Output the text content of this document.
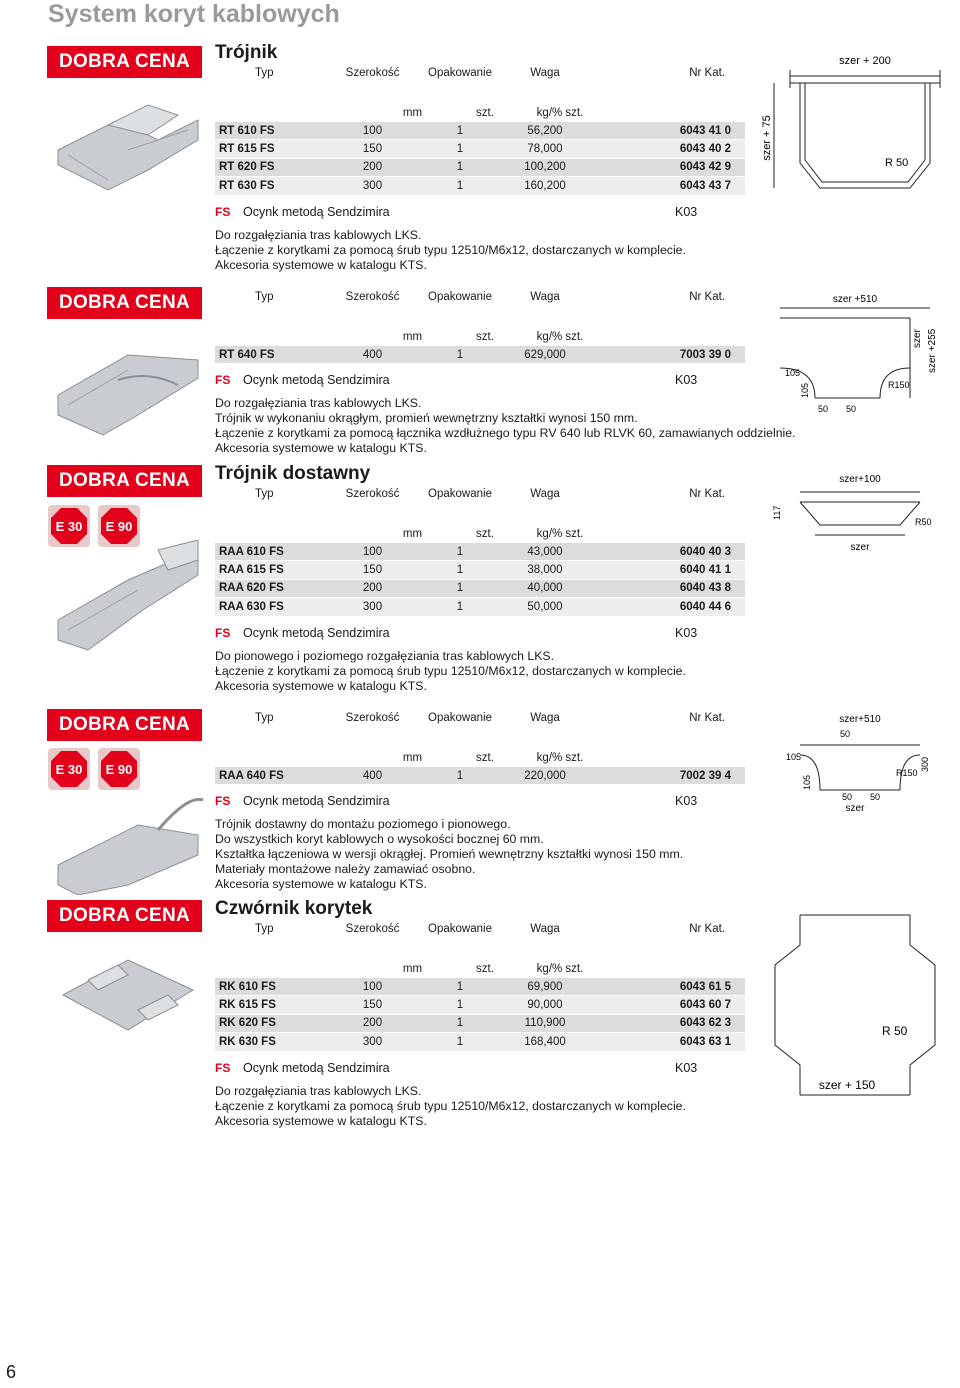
System koryt kablowych
DOBRA CENA
DOBRA CENA
DOBRA CENA
DOBRA CENA
DOBRA CENA
E 30 E 90
E 30 E 90
Trójnik
Typ	Szerokość	Opakowanie	Waga	Nr Kat.
mm	szt.	kg/% szt.
RT 610 FS	100	1	56,200	6043 41 0
RT 615 FS	150	1	78,000	6043 40 2
RT 620 FS	200	1	100,200	6043 42 9
RT 630 FS	300	1	160,200	6043 43 7
FS	Ocynk metodą Sendzimira	K03
Do rozgałęziania tras kablowych LKS.
Łączenie z korytkami za pomocą śrub typu 12510/M6x12, dostarczanych w komplecie.
Akcesoria systemowe w katalogu KTS.
Typ	Szerokość	Opakowanie	Waga	Nr Kat.
mm	szt.	kg/% szt.
RT 640 FS	400	1	629,000	7003 39 0
FS	Ocynk metodą Sendzimira	K03
Do rozgałęziania tras kablowych LKS.
Trójnik w wykonaniu okrągłym, promień wewnętrzny kształtki wynosi 150 mm.
Łączenie z korytkami za pomocą łącznika wzdłużnego typu RV 640 lub RLVK 60, zamawianych oddzielnie.
Akcesoria systemowe w katalogu KTS.
Trójnik dostawny
Typ	Szerokość	Opakowanie	Waga	Nr Kat.
mm	szt.	kg/% szt.
RAA 610 FS	100	1	43,000	6040 40 3
RAA 615 FS	150	1	38,000	6040 41 1
RAA 620 FS	200	1	40,000	6040 43 8
RAA 630 FS	300	1	50,000	6040 44 6
FS	Ocynk metodą Sendzimira	K03
Do pionowego i poziomego rozgałęziania tras kablowych LKS.
Łączenie z korytkami za pomocą śrub typu 12510/M6x12, dostarczanych w komplecie.
Akcesoria systemowe w katalogu KTS.
Typ	Szerokość	Opakowanie	Waga	Nr Kat.
mm	szt.	kg/% szt.
RAA 640 FS	400	1	220,000	7002 39 4
FS	Ocynk metodą Sendzimira	K03
Trójnik dostawny do montażu poziomego i pionowego.
Do wszystkich koryt kablowych o wysokości bocznej 60 mm.
Kształtka łączeniowa w wersji okrągłej. Promień wewnętrzny kształtki wynosi 150 mm.
Materiały montażowe należy zamawiać osobno.
Akcesoria systemowe w katalogu KTS.
Czwórnik korytek
Typ	Szerokość	Opakowanie	Waga	Nr Kat.
mm	szt.	kg/% szt.
RK 610 FS	100	1	69,900	6043 61 5
RK 615 FS	150	1	90,000	6043 60 7
RK 620 FS	200	1	110,900	6043 62 3
RK 630 FS	300	1	168,400	6043 63 1
FS	Ocynk metodą Sendzimira	K03
Do rozgałęziania tras kablowych LKS.
Łączenie z korytkami za pomocą śrub typu 12510/M6x12, dostarczanych w komplecie.
Akcesoria systemowe w katalogu KTS.
szer + 200
szer + 75
R 50
szer +510
szer szer +255
105
105
50 50
R150
szer+100
117
szer
R50
szer+510
50
105
105
R150
300
50 50
szer
R 50
szer + 150
6
